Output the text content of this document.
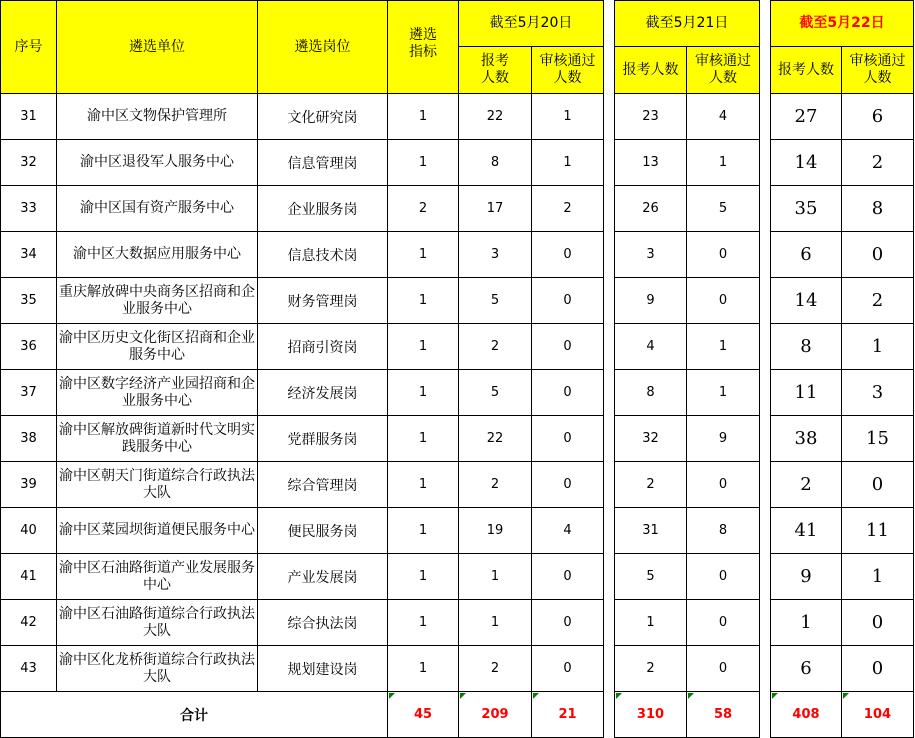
序号	遴选单位	遴选岗位	遴选指标	截至5月20日			截至5月21日			截至5月22日	

				报考人数	审核通过人数		报考人数	审核通过人数		报考人数	审核通过人数

31	渝中区文物保护管理所	文化研究岗	1	22	1		23	4		27	6
32	渝中区退役军人服务中心	信息管理岗	1	8	1		13	1		14	2
33	渝中区国有资产服务中心	企业服务岗	2	17	2		26	5		35	8
34	渝中区大数据应用服务中心	信息技术岗	1	3	0		3	0		6	0
35	重庆解放碑中央商务区招商和企业服务中心	财务管理岗	1	5	0		9	0		14	2
36	渝中区历史文化街区招商和企业服务中心	招商引资岗	1	2	0		4	1		8	1
37	渝中区数字经济产业园招商和企业服务中心	经济发展岗	1	5	0		8	1		11	3
38	渝中区解放碑街道新时代文明实践服务中心	党群服务岗	1	22	0		32	9		38	15
39	渝中区朝天门街道综合行政执法大队	综合管理岗	1	2	0		2	0		2	0
40	渝中区菜园坝街道便民服务中心	便民服务岗	1	19	4		31	8		41	11
41	渝中区石油路街道产业发展服务中心	产业发展岗	1	1	0		5	0		9	1
42	渝中区石油路街道综合行政执法大队	综合执法岗	1	1	0		1	0		1	0
43	渝中区化龙桥街道综合行政执法大队	规划建设岗	1	2	0		2	0		6	0
合计			45	209	21		310	58		408	104
